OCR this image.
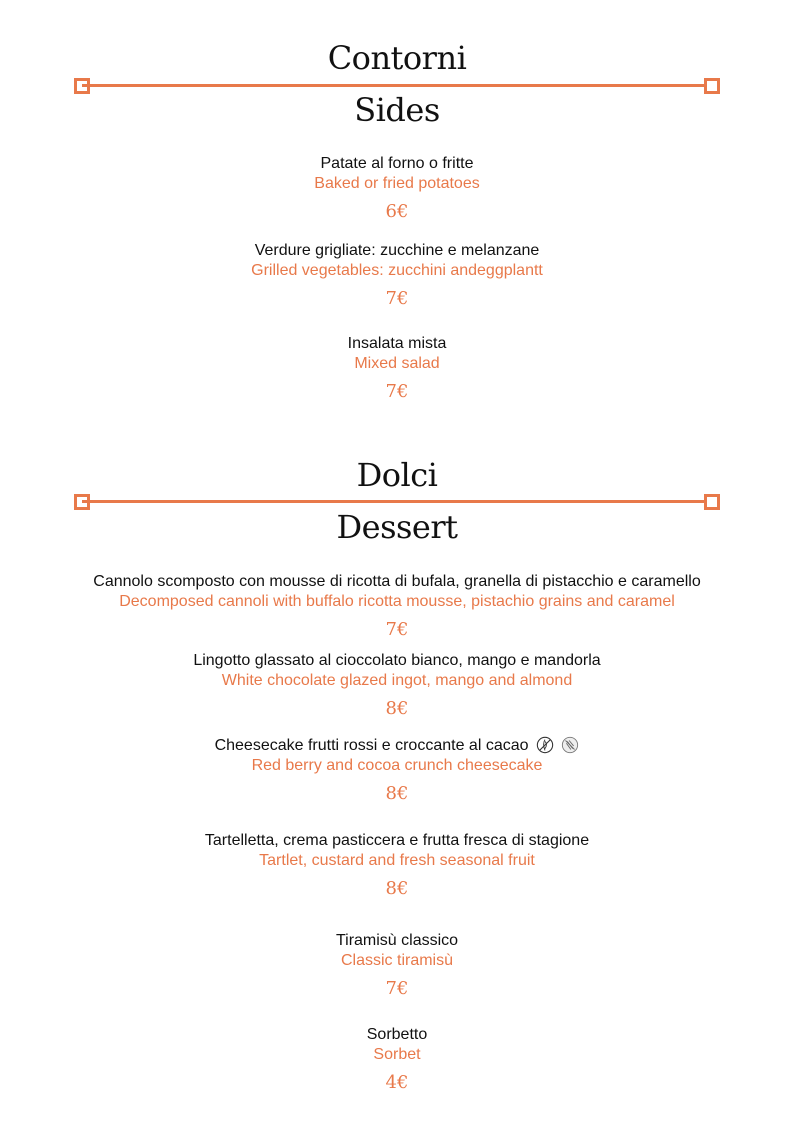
Contorni
Sides
Patate al forno o fritte
Baked or fried potatoes
6€
Verdure grigliate: zucchine e melanzane
Grilled vegetables: zucchini andeggplantt
7€
Insalata mista
Mixed salad
7€
Dolci
Dessert
Cannolo scomposto con mousse di ricotta di bufala, granella di pistacchio e caramello
Decomposed cannoli with buffalo ricotta mousse, pistachio grains and caramel
7€
Lingotto glassato al cioccolato bianco, mango e mandorla
White chocolate glazed ingot, mango and almond
8€
Cheesecake frutti rossi e croccante al cacao
Red berry and cocoa crunch cheesecake
8€
Tartelletta, crema pasticcera e frutta fresca di stagione
Tartlet, custard and fresh seasonal fruit
8€
Tiramisù classico
Classic tiramisù
7€
Sorbetto
Sorbet
4€
